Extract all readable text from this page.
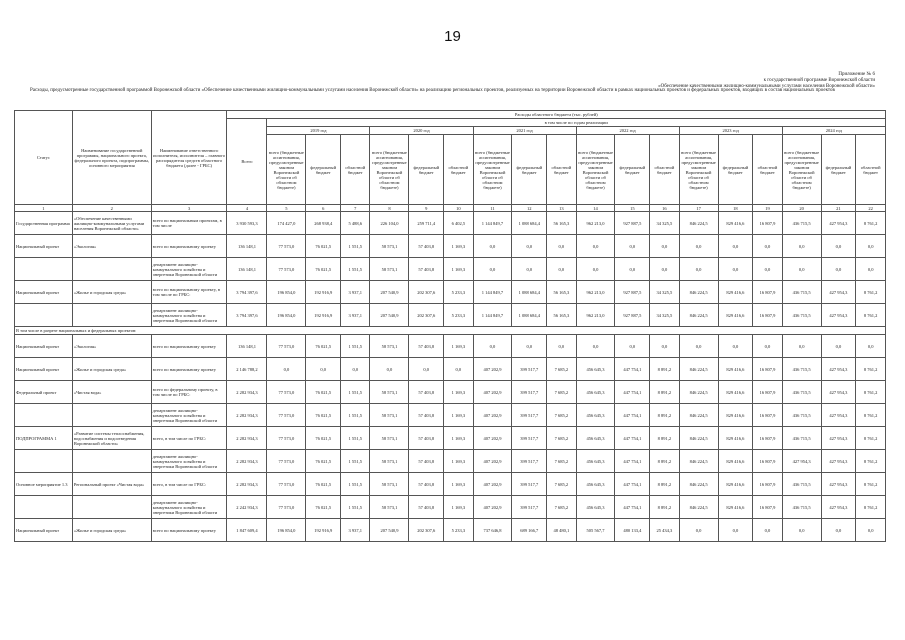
19
Приложение № 6
к государственной программе Воронежской области
«Обеспечение качественными жилищно-коммунальными услугами населения Воронежской области»
Расходы, предусмотренные государственной программой Воронежской области «Обеспечение качественными жилищно-коммунальными услугами населения Воронежской области» на реализацию региональных проектов, реализуемых на территории Воронежской области в рамках национальных проектов и федеральных проектов, входящих в состав национальных проектов
Статус	Наименование государственной программы, национального проекта, федерального проекта, подпрограммы, основного мероприятия	Наименование ответственного исполнителя, исполнителя – главного распорядителя средств областного бюджета (далее - ГРБС)	Расходы областного бюджета (тыс. рублей)																		
			Всего	в том числе по годам реализации																	
				2019 год			2020 год			2021 год			2022 год			2023 год			2024 год		
				всего (бюджетные ассигнования, предусмотренные законом Воронежской области об областном бюджете)	федеральный бюджет	областной бюджет	всего (бюджетные ассигнования, предусмотренные законом Воронежской области об областном бюджете)	федеральный бюджет	областной бюджет	всего (бюджетные ассигнования, предусмотренные законом Воронежской области об областном бюджете)	федеральный бюджет	областной бюджет	всего (бюджетные ассигнования, предусмотренные законом Воронежской области об областном бюджете)	федеральный бюджет	областной бюджет	всего (бюджетные ассигнования, предусмотренные законом Воронежской области об областном бюджете)	федеральный бюджет	областной бюджет	всего (бюджетные ассигнования, предусмотренные законом Воронежской области об областном бюджете)	федеральный бюджет	областной бюджет
1	2	3	4	5	6	7	8	9	10	11	12	13	14	15	16	17	18	19	20	21	22
Государственная программа	«Обеспечение качественными жилищно-коммунальными услугами населения Воронежской области»	всего по национальным проектам, в том числе	3 930 593,3	174 427,0	268 938,4	5 488,6	226 104,0	259 711,4	6 402,5	1 144 849,7	1 088 684,4	56 165,3	962 213,0	927 887,5	34 325,5	846 224,5	829 416,6	16 807,9	436 715,5	427 954,3	8 761,2
Национальный проект	«Экология»	всего по национальному проекту	136 148,1	77 573,0	76 021,5	1 551,5	58 573,1	57 403,8	1 169,3	0,0	0,0	0,0	0,0	0,0	0,0	0,0	0,0	0,0	0,0	0,0	0,0
		департамент жилищно-коммунального хозяйства и энергетики Воронежской области	136 148,1	77 573,0	76 021,5	1 551,5	58 573,1	57 403,8	1 169,3	0,0	0,0	0,0	0,0	0,0	0,0	0,0	0,0	0,0	0,0	0,0	0,0
Национальный проект	«Жилье и городская среда»	всего по национальному проекту, в том числе по ГРБС:	3 794 397,6	196 854,0	192 916,9	3 937,1	207 540,9	202 307,6	5 233,3	1 144 849,7	1 088 684,4	56 165,3	962 213,0	927 887,5	34 325,5	846 224,5	829 416,6	16 807,9	436 715,5	427 954,3	8 761,2
		департамент жилищно-коммунального хозяйства и энергетики Воронежской области	3 794 397,6	196 854,0	192 916,9	3 937,1	207 540,9	202 307,6	5 233,3	1 144 849,7	1 088 684,4	56 165,3	962 213,0	927 887,5	34 325,5	846 224,5	829 416,6	16 807,9	436 715,5	427 954,3	8 761,2
В том числе в разрезе национальных и федеральных проектов:																					
Национальный проект	«Экология»	всего по национальному проекту	136 148,1	77 573,0	76 021,5	1 551,5	58 573,1	57 403,8	1 169,3	0,0	0,0	0,0	0,0	0,0	0,0	0,0	0,0	0,0	0,0	0,0	0,0
Национальный проект	«Жилье и городская среда»	всего по национальному проекту	2 146 788,2	0,0	0,0	0,0	0,0	0,0	0,0	407 202,9	399 517,7	7 685,2	456 645,3	447 754,1	8 891,2	846 224,5	829 416,6	16 807,9	436 715,5	427 954,3	8 761,2
Федеральный проект	«Чистая вода»	всего по федеральному проекту, в том числе по ГРБС:	2 282 934,3	77 573,0	76 021,5	1 551,5	58 573,1	57 403,8	1 169,3	407 202,9	399 517,7	7 685,2	456 645,3	447 754,1	8 891,2	846 224,5	829 416,6	16 807,9	436 715,5	427 954,3	8 761,2
		департамент жилищно-коммунального хозяйства и энергетики Воронежской области	2 282 934,3	77 573,0	76 021,5	1 551,5	58 573,1	57 403,8	1 169,3	407 202,9	399 517,7	7 685,2	456 645,3	447 754,1	8 891,2	846 224,5	829 416,6	16 807,9	436 715,5	427 954,3	8 761,2
ПОДПРОГРАММА 1	«Развитие системы теплоснабжения, водоснабжения и водоотведения Воронежской области»	всего, в том числе по ГРБС:	2 282 934,3	77 573,0	76 021,5	1 551,5	58 573,1	57 403,8	1 169,3	407 202,9	399 517,7	7 685,2	456 645,3	447 754,1	8 891,2	846 224,5	829 416,6	16 807,9	436 715,5	427 954,3	8 761,2
		департамент жилищно-коммунального хозяйства и энергетики Воронежской области	2 282 934,3	77 573,0	76 021,5	1 551,5	58 573,1	57 403,8	1 169,3	407 202,9	399 517,7	7 685,2	456 645,3	447 754,1	8 891,2	846 224,5	829 416,6	16 807,9	427 954,3	427 954,3	8 761,2
Основное мероприятие 1.3	Региональный проект «Чистая вода»	всего, в том числе по ГРБС:	2 282 934,3	77 573,0	76 021,5	1 551,5	58 573,1	57 403,8	1 169,3	407 202,9	399 517,7	7 685,2	456 645,3	447 754,1	8 891,2	846 224,5	829 416,6	16 807,9	436 715,5	427 954,3	8 761,2
		департамент жилищно-коммунального хозяйства и энергетики Воронежской области	2 242 934,3	77 573,0	76 021,5	1 551,5	58 573,1	57 403,8	1 169,3	407 202,9	399 517,7	7 685,2	456 645,3	447 754,1	8 891,2	846 224,5	829 416,6	16 807,9	436 715,5	427 954,3	8 761,2
Национальный проект	«Жилье и городская среда»	всего по национальному проекту	1 847 609,4	196 854,0	192 916,9	3 937,1	207 540,9	202 307,6	5 233,3	737 646,8	689 166,7	48 480,1	505 567,7	480 133,4	25 434,3	0,0	0,0	0,0	0,0	0,0	0,0
